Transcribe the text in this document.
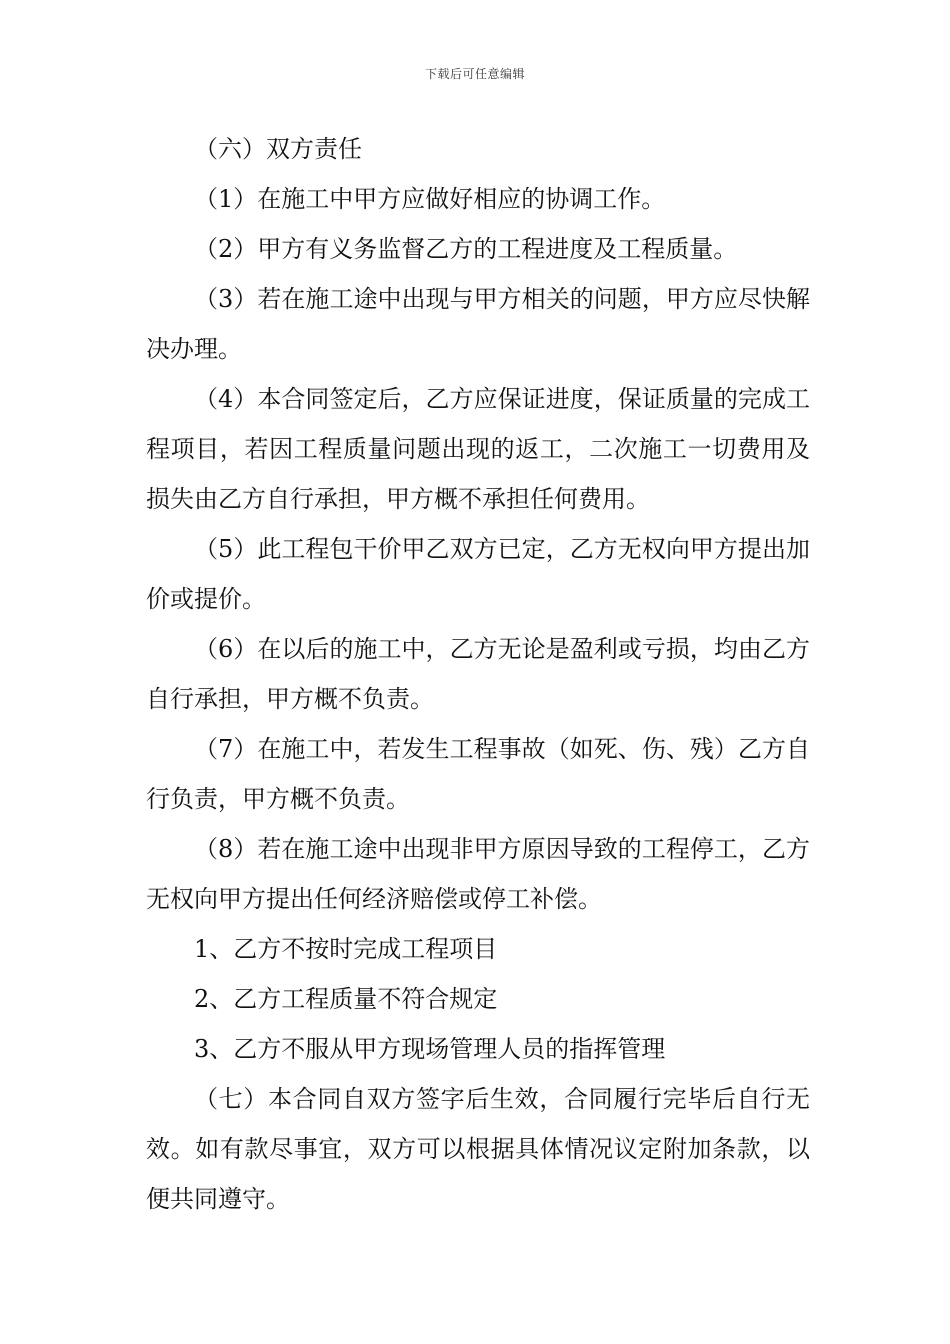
下载后可任意编辑

（六）双方责任

（1）在施工中甲方应做好相应的协调工作。

（2）甲方有义务监督乙方的工程进度及工程质量。

（3）若在施工途中出现与甲方相关的问题，甲方应尽快解决办理。

（4）本合同签定后，乙方应保证进度，保证质量的完成工程项目，若因工程质量问题出现的返工，二次施工一切费用及损失由乙方自行承担，甲方概不承担任何费用。

（5）此工程包干价甲乙双方已定，乙方无权向甲方提出加价或提价。

（6）在以后的施工中，乙方无论是盈利或亏损，均由乙方自行承担，甲方概不负责。

（7）在施工中，若发生工程事故（如死、伤、残）乙方自行负责，甲方概不负责。

（8）若在施工途中出现非甲方原因导致的工程停工，乙方无权向甲方提出任何经济赔偿或停工补偿。

1、乙方不按时完成工程项目

2、乙方工程质量不符合规定

3、乙方不服从甲方现场管理人员的指挥管理

（七）本合同自双方签字后生效，合同履行完毕后自行无效。如有款尽事宜，双方可以根据具体情况议定附加条款，以便共同遵守。
